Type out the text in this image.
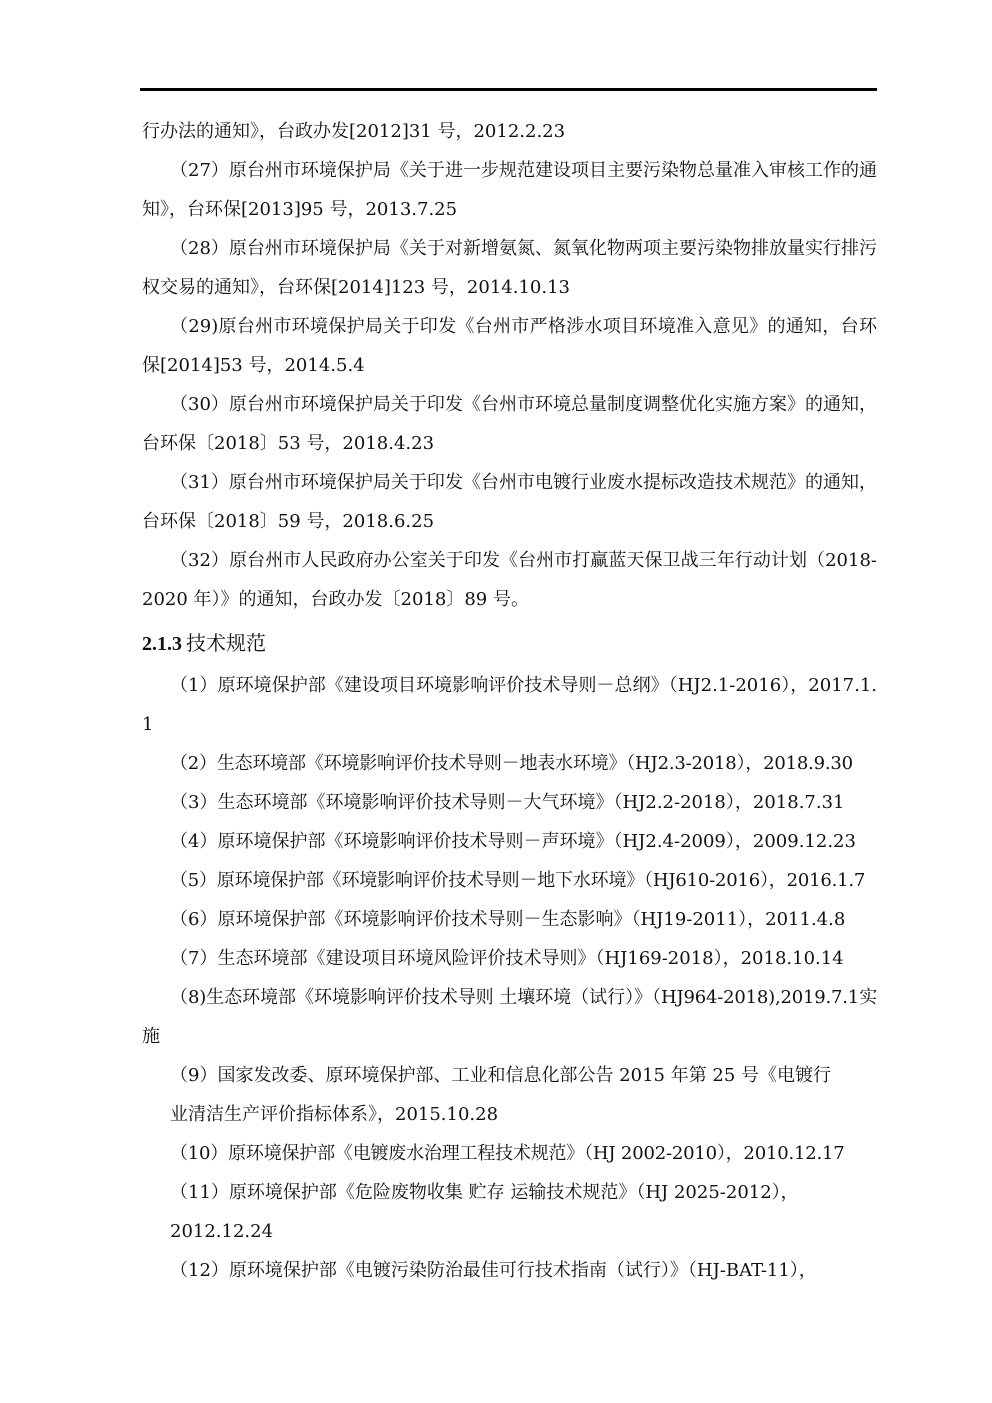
行办法的通知》，台政办发[2012]31 号，2012.2.23

（27）原台州市环境保护局《关于进一步规范建设项目主要污染物总量准入审核工作的通知》，台环保[2013]95 号，2013.7.25

（28）原台州市环境保护局《关于对新增氨氮、氮氧化物两项主要污染物排放量实行排污权交易的通知》，台环保[2014]123 号，2014.10.13

（29)原台州市环境保护局关于印发《台州市严格涉水项目环境准入意见》的通知，台环保[2014]53 号，2014.5.4

（30）原台州市环境保护局关于印发《台州市环境总量制度调整优化实施方案》的通知，台环保〔2018〕53 号，2018.4.23

（31）原台州市环境保护局关于印发《台州市电镀行业废水提标改造技术规范》的通知，台环保〔2018〕59 号，2018.6.25

（32）原台州市人民政府办公室关于印发《台州市打赢蓝天保卫战三年行动计划（2018-2020 年）》的通知，台政办发〔2018〕89 号。

2.1.3 技术规范

（1）原环境保护部《建设项目环境影响评价技术导则－总纲》（HJ2.1-2016），2017.1.1

（2）生态环境部《环境影响评价技术导则－地表水环境》（HJ2.3-2018），2018.9.30

（3）生态环境部《环境影响评价技术导则－大气环境》（HJ2.2-2018），2018.7.31

（4）原环境保护部《环境影响评价技术导则－声环境》（HJ2.4-2009），2009.12.23

（5）原环境保护部《环境影响评价技术导则－地下水环境》（HJ610-2016），2016.1.7

（6）原环境保护部《环境影响评价技术导则－生态影响》（HJ19-2011），2011.4.8

（7）生态环境部《建设项目环境风险评价技术导则》（HJ169-2018），2018.10.14

（8)生态环境部《环境影响评价技术导则 土壤环境（试行）》（HJ964-2018),2019.7.1实施

（9）国家发改委、原环境保护部、工业和信息化部公告 2015 年第 25 号《电镀行
业清洁生产评价指标体系》，2015.10.28

（10）原环境保护部《电镀废水治理工程技术规范》（HJ 2002-2010），2010.12.17

（11）原环境保护部《危险废物收集 贮存 运输技术规范》（HJ 2025-2012），
2012.12.24

（12）原环境保护部《电镀污染防治最佳可行技术指南（试行）》（HJ-BAT-11），
